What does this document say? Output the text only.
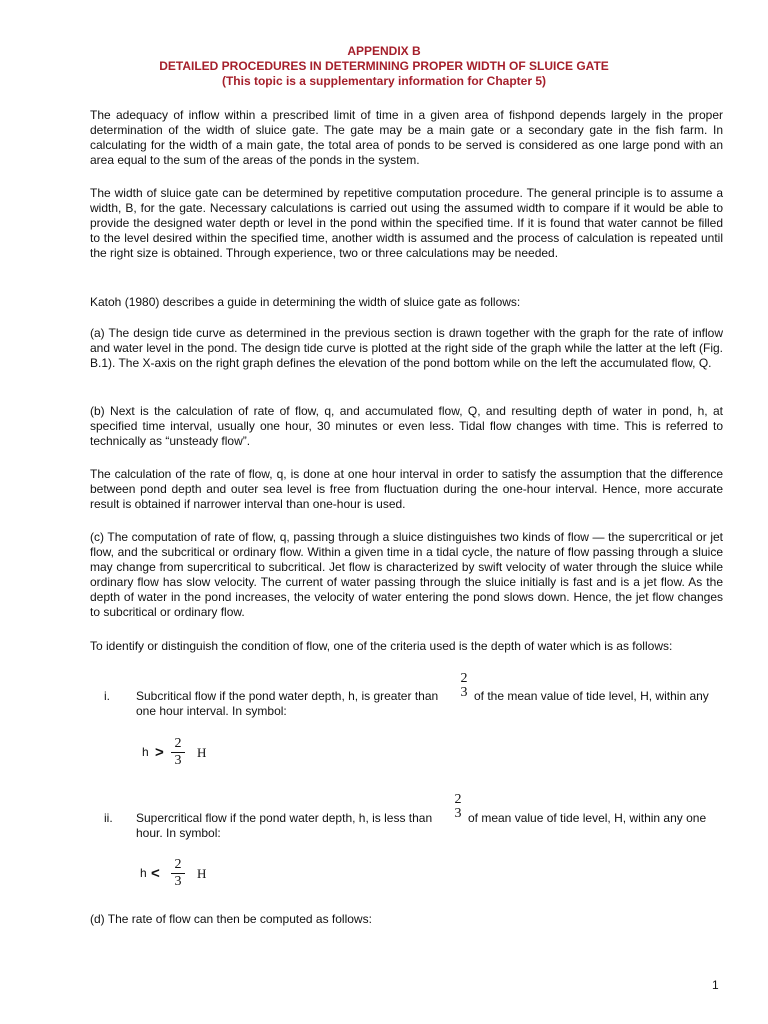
APPENDIX B
DETAILED PROCEDURES IN DETERMINING PROPER WIDTH OF SLUICE GATE
(This topic is a supplementary information for Chapter 5)

The adequacy of inflow within a prescribed limit of time in a given area of fishpond depends largely in the proper determination of the width of sluice gate. The gate may be a main gate or a secondary gate in the fish farm. In calculating for the width of a main gate, the total area of ponds to be served is considered as one large pond with an area equal to the sum of the areas of the ponds in the system.

The width of sluice gate can be determined by repetitive computation procedure. The general principle is to assume a width, B, for the gate. Necessary calculations is carried out using the assumed width to compare if it would be able to provide the designed water depth or level in the pond within the specified time. If it is found that water cannot be filled to the level desired within the specified time, another width is assumed and the process of calculation is repeated until the right size is obtained. Through experience, two or three calculations may be needed.

Katoh (1980) describes a guide in determining the width of sluice gate as follows:

(a) The design tide curve as determined in the previous section is drawn together with the graph for the rate of inflow and water level in the pond. The design tide curve is plotted at the right side of the graph while the latter at the left (Fig. B.1). The X-axis on the right graph defines the elevation of the pond bottom while on the left the accumulated flow, Q.

(b) Next is the calculation of rate of flow, q, and accumulated flow, Q, and resulting depth of water in pond, h, at specified time interval, usually one hour, 30 minutes or even less. Tidal flow changes with time. This is referred to technically as “unsteady flow”.

The calculation of the rate of flow, q, is done at one hour interval in order to satisfy the assumption that the difference between pond depth and outer sea level is free from fluctuation during the one-hour interval. Hence, more accurate result is obtained if narrower interval than one-hour is used.

(c) The computation of rate of flow, q, passing through a sluice distinguishes two kinds of flow — the supercritical or jet flow, and the subcritical or ordinary flow. Within a given time in a tidal cycle, the nature of flow passing through a sluice may change from supercritical to subcritical. Jet flow is characterized by swift velocity of water through the sluice while ordinary flow has slow velocity. The current of water passing through the sluice initially is fast and is a jet flow. As the depth of water in the pond increases, the velocity of water entering the pond slows down. Hence, the jet flow changes to subcritical or ordinary flow.

To identify or distinguish the condition of flow, one of the criteria used is the depth of water which is as follows:

i. Subcritical flow if the pond water depth, h, is greater than
2
3 of the mean value of tide level, H, within any
one hour interval. In symbol:
h >
2
3
H
ii. Supercritical flow if the pond water depth, h, is less than
2
3 of mean value of tide level, H, within any one
hour. In symbol:
h <
2
3
H

(d) The rate of flow can then be computed as follows:

1
